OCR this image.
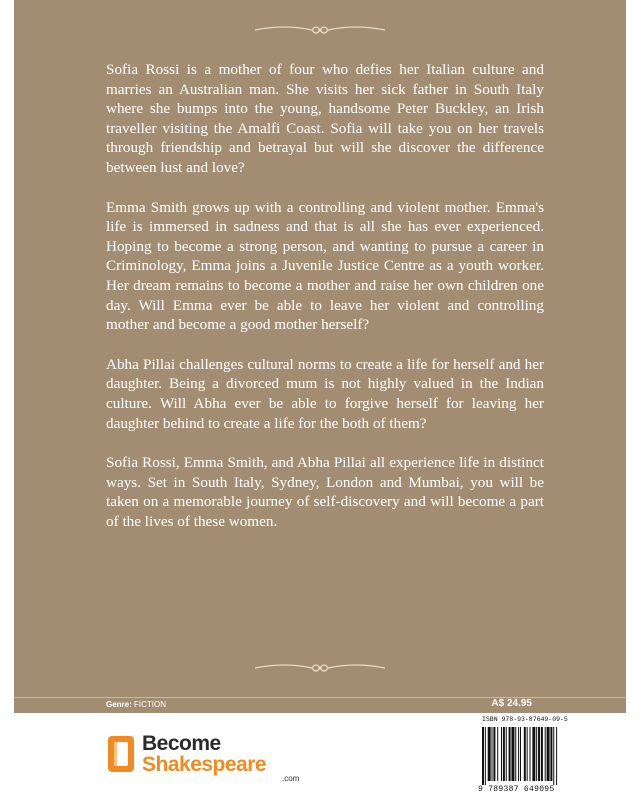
Sofia Rossi is a mother of four who defies her Italian culture and marries an Australian man. She visits her sick father in South Italy where she bumps into the young, handsome Peter Buckley, an Irish traveller visiting the Amalfi Coast. Sofia will take you on her travels through friendship and betrayal but will she discover the difference between lust and love?

Emma Smith grows up with a controlling and violent mother. Emma's life is immersed in sadness and that is all she has ever experienced. Hoping to become a strong person, and wanting to pursue a career in Criminology, Emma joins a Juvenile Justice Centre as a youth worker. Her dream remains to become a mother and raise her own children one day. Will Emma ever be able to leave her violent and controlling mother and become a good mother herself?

Abha Pillai challenges cultural norms to create a life for herself and her daughter. Being a divorced mum is not highly valued in the Indian culture. Will Abha ever be able to forgive herself for leaving her daughter behind to create a life for the both of them?

Sofia Rossi, Emma Smith, and Abha Pillai all experience life in distinct ways. Set in South Italy, Sydney, London and Mumbai, you will be taken on a memorable journey of self-discovery and will become a part of the lives of these women.

Genre: FICTION	A$ 24.95
Become
Shakespeare
.com
ISBN 978-93-87649-09-5
9 789387 649095
